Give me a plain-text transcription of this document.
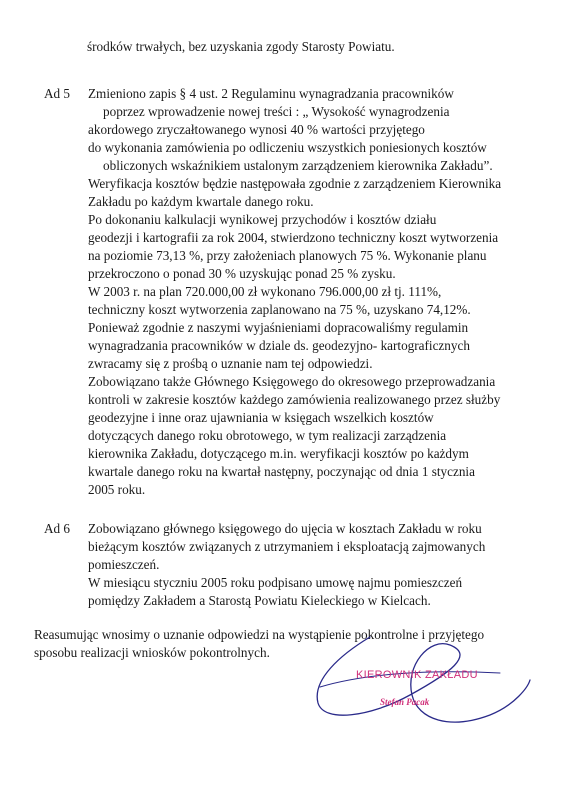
środków trwałych, bez uzyskania zgody Starosty Powiatu.
Ad 5 Zmieniono zapis § 4 ust. 2 Regulaminu wynagradzania pracowników
poprzez wprowadzenie nowej treści : „ Wysokość wynagrodzenia
akordowego zryczałtowanego wynosi 40 % wartości przyjętego
do wykonania zamówienia po odliczeniu wszystkich poniesionych kosztów
obliczonych wskaźnikiem ustalonym zarządzeniem kierownika Zakładu”.
Weryfikacja kosztów będzie następowała zgodnie z zarządzeniem Kierownika
Zakładu po każdym kwartale danego roku.
Po dokonaniu kalkulacji wynikowej przychodów i kosztów działu
geodezji i kartografii za rok 2004, stwierdzono techniczny koszt wytworzenia
na poziomie 73,13 %, przy założeniach planowych 75 %. Wykonanie planu
przekroczono o ponad 30 % uzyskując ponad 25 % zysku.
W 2003 r. na plan 720.000,00 zł wykonano 796.000,00 zł tj. 111%,
techniczny koszt wytworzenia zaplanowano na 75 %, uzyskano 74,12%.
Ponieważ zgodnie z naszymi wyjaśnieniami dopracowaliśmy regulamin
wynagradzania pracowników w dziale ds. geodezyjno- kartograficznych
zwracamy się z prośbą o uznanie nam tej odpowiedzi.
Zobowiązano także Głównego Księgowego do okresowego przeprowadzania
kontroli w zakresie kosztów każdego zamówienia realizowanego przez służby
geodezyjne i inne oraz ujawniania w księgach wszelkich kosztów
dotyczących danego roku obrotowego, w tym realizacji zarządzenia
kierownika Zakładu, dotyczącego m.in. weryfikacji kosztów po każdym
kwartale danego roku na kwartał następny, poczynając od dnia 1 stycznia
2005 roku.
Ad 6 Zobowiązano głównego księgowego do ujęcia w kosztach Zakładu w roku
bieżącym kosztów związanych z utrzymaniem i eksploatacją zajmowanych
pomieszczeń.
W miesiącu styczniu 2005 roku podpisano umowę najmu pomieszczeń
pomiędzy Zakładem a Starostą Powiatu Kieleckiego w Kielcach.
Reasumując wnosimy o uznanie odpowiedzi na wystąpienie pokontrolne i przyjętego
sposobu realizacji wniosków pokontrolnych.
KIEROWNIK ZAKŁADU
Stefan Pacak
